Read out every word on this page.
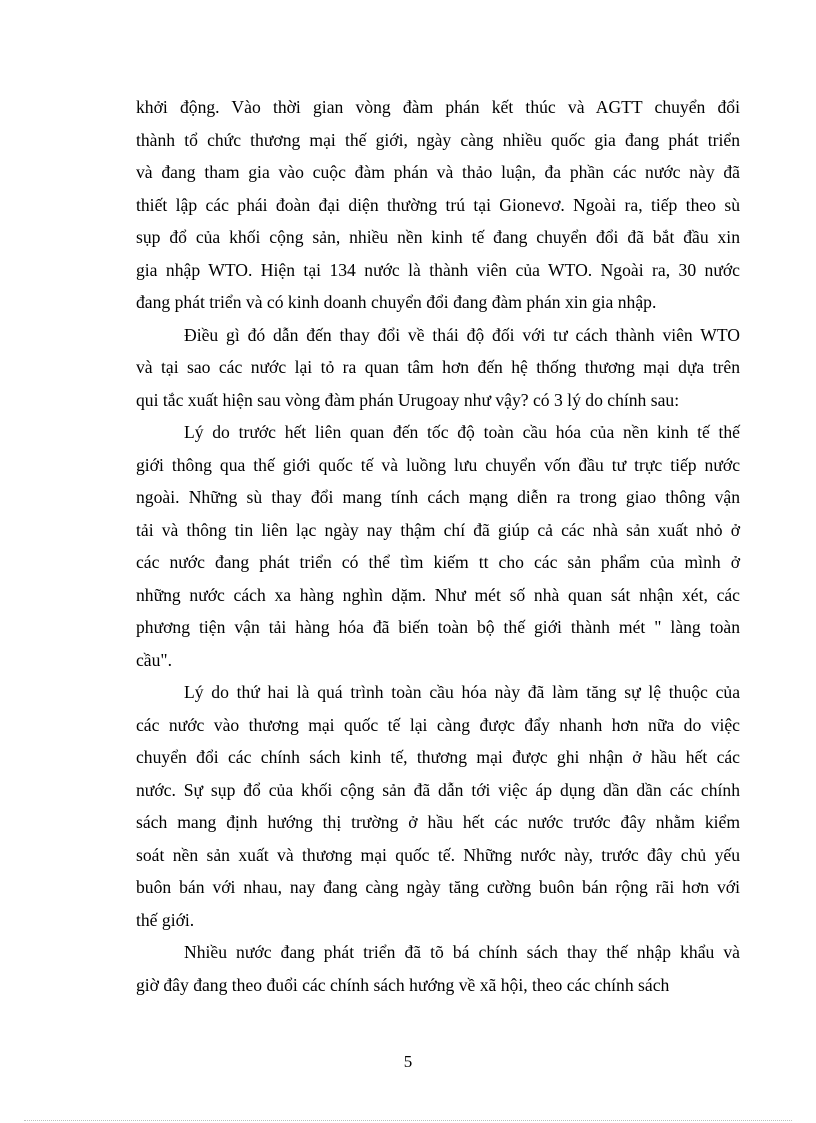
khởi động. Vào thời gian vòng đàm phán kết thúc và AGTT chuyển đổi
thành tổ chức thương mại thế giới, ngày càng nhiều quốc gia đang phát triển
và đang tham gia vào cuộc đàm phán và thảo luận, đa phần các nước này đã
thiết lập các phái đoàn đại diện thường trú tại Gionevơ. Ngoài ra, tiếp theo sù
sụp đổ của khối cộng sản, nhiều nền kinh tế đang chuyển đổi đã bắt đầu xin
gia nhập WTO. Hiện tại 134 nước là thành viên của WTO. Ngoài ra, 30 nước
đang phát triển và có kinh doanh chuyển đổi đang đàm phán xin gia nhập.
Điều gì đó dẫn đến thay đổi về thái độ đối với tư cách thành viên WTO
và tại sao các nước lại tỏ ra quan tâm hơn đến hệ thống thương mại dựa trên
qui tắc xuất hiện sau vòng đàm phán Urugoay như vậy? có 3 lý do chính sau:
Lý do trước hết liên quan đến tốc độ toàn cầu hóa của nền kinh tế thế
giới thông qua thế giới quốc tế và luồng lưu chuyển vốn đầu tư trực tiếp nước
ngoài. Những sù thay đổi mang tính cách mạng diễn ra trong giao thông vận
tải và thông tin liên lạc ngày nay thậm chí đã giúp cả các nhà sản xuất nhỏ ở
các nước đang phát triển có thể tìm kiếm tt cho các sản phẩm của mình ở
những nước cách xa hàng nghìn dặm. Như mét số nhà quan sát nhận xét, các
phương tiện vận tải hàng hóa đã biến toàn bộ thế giới thành mét " làng toàn
cầu".
Lý do thứ hai là quá trình toàn cầu hóa này đã làm tăng sự lệ thuộc của
các nước vào thương mại quốc tế lại càng được đẩy nhanh hơn nữa do việc
chuyển đổi các chính sách kinh tế, thương mại được ghi nhận ở hầu hết các
nước. Sự sụp đổ của khối cộng sản đã dẫn tới việc áp dụng dần dần các chính
sách mang định hướng thị trường ở hầu hết các nước trước đây nhằm kiểm
soát nền sản xuất và thương mại quốc tế. Những nước này, trước đây chủ yếu
buôn bán với nhau, nay đang càng ngày tăng cường buôn bán rộng rãi hơn với
thế giới.
Nhiều nước đang phát triển đã tõ bá chính sách thay thế nhập khẩu và
giờ đây đang theo đuổi các chính sách hướng về xã hội, theo các chính sách
5
